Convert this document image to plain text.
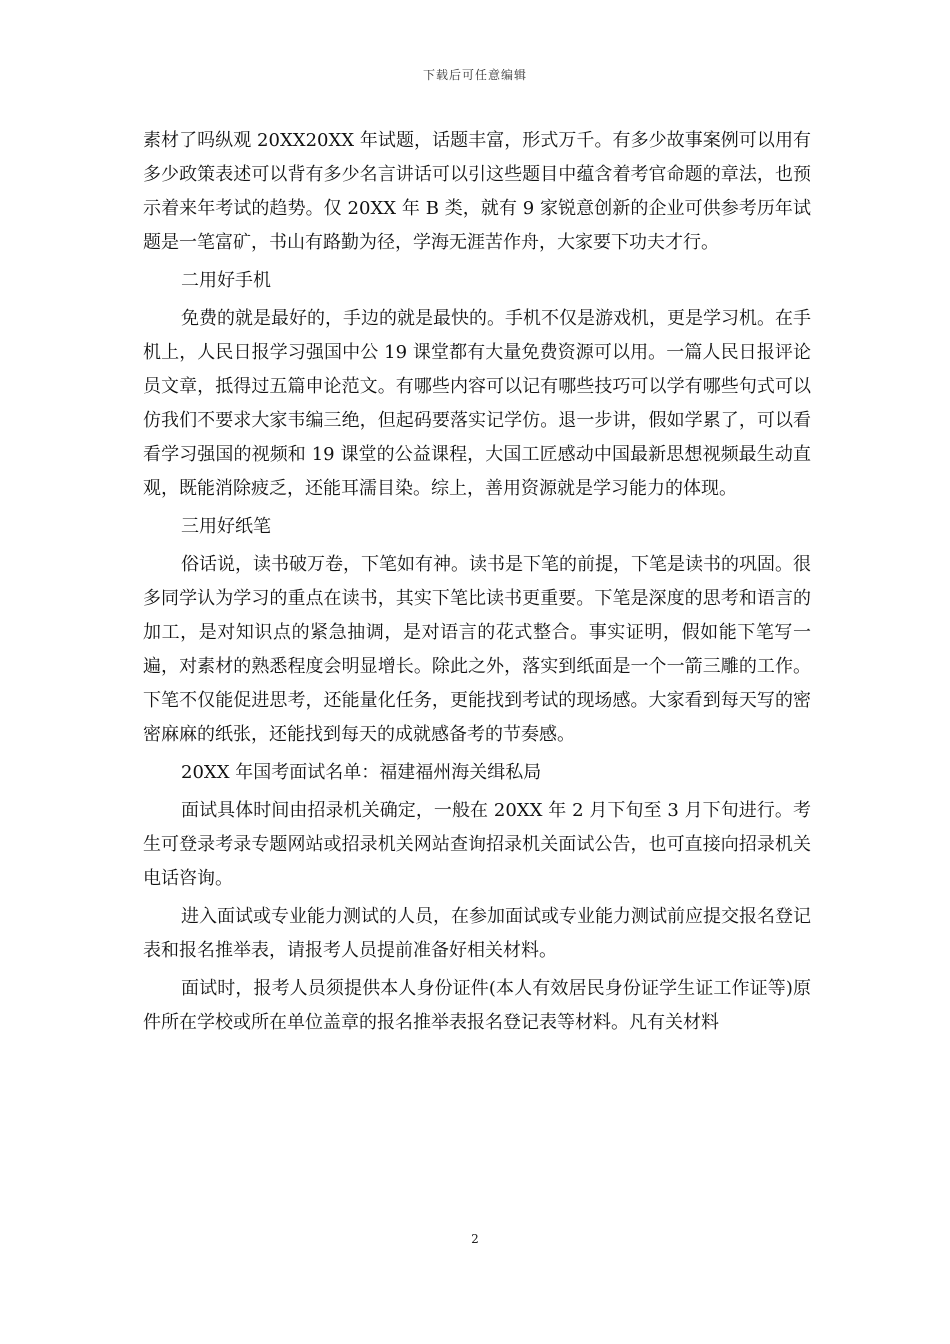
下载后可任意编辑

素材了吗纵观 20XX20XX 年试题，话题丰富，形式万千。有多少故事案例可以用有多少政策表述可以背有多少名言讲话可以引这些题目中蕴含着考官命题的章法，也预示着来年考试的趋势。仅 20XX 年 B 类，就有 9 家锐意创新的企业可供参考历年试题是一笔富矿，书山有路勤为径，学海无涯苦作舟，大家要下功夫才行。

二用好手机

免费的就是最好的，手边的就是最快的。手机不仅是游戏机，更是学习机。在手机上，人民日报学习强国中公 19 课堂都有大量免费资源可以用。一篇人民日报评论员文章，抵得过五篇申论范文。有哪些内容可以记有哪些技巧可以学有哪些句式可以仿我们不要求大家韦编三绝，但起码要落实记学仿。退一步讲，假如学累了，可以看看学习强国的视频和 19 课堂的公益课程，大国工匠感动中国最新思想视频最生动直观，既能消除疲乏，还能耳濡目染。综上，善用资源就是学习能力的体现。

三用好纸笔

俗话说，读书破万卷，下笔如有神。读书是下笔的前提，下笔是读书的巩固。很多同学认为学习的重点在读书，其实下笔比读书更重要。下笔是深度的思考和语言的加工，是对知识点的紧急抽调，是对语言的花式整合。事实证明，假如能下笔写一遍，对素材的熟悉程度会明显增长。除此之外，落实到纸面是一个一箭三雕的工作。下笔不仅能促进思考，还能量化任务，更能找到考试的现场感。大家看到每天写的密密麻麻的纸张，还能找到每天的成就感备考的节奏感。

20XX 年国考面试名单：福建福州海关缉私局

面试具体时间由招录机关确定，一般在 20XX 年 2 月下旬至 3 月下旬进行。考生可登录考录专题网站或招录机关网站查询招录机关面试公告，也可直接向招录机关电话咨询。

进入面试或专业能力测试的人员，在参加面试或专业能力测试前应提交报名登记表和报名推举表，请报考人员提前准备好相关材料。

面试时，报考人员须提供本人身份证件(本人有效居民身份证学生证工作证等)原件所在学校或所在单位盖章的报名推举表报名登记表等材料。凡有关材料

2
